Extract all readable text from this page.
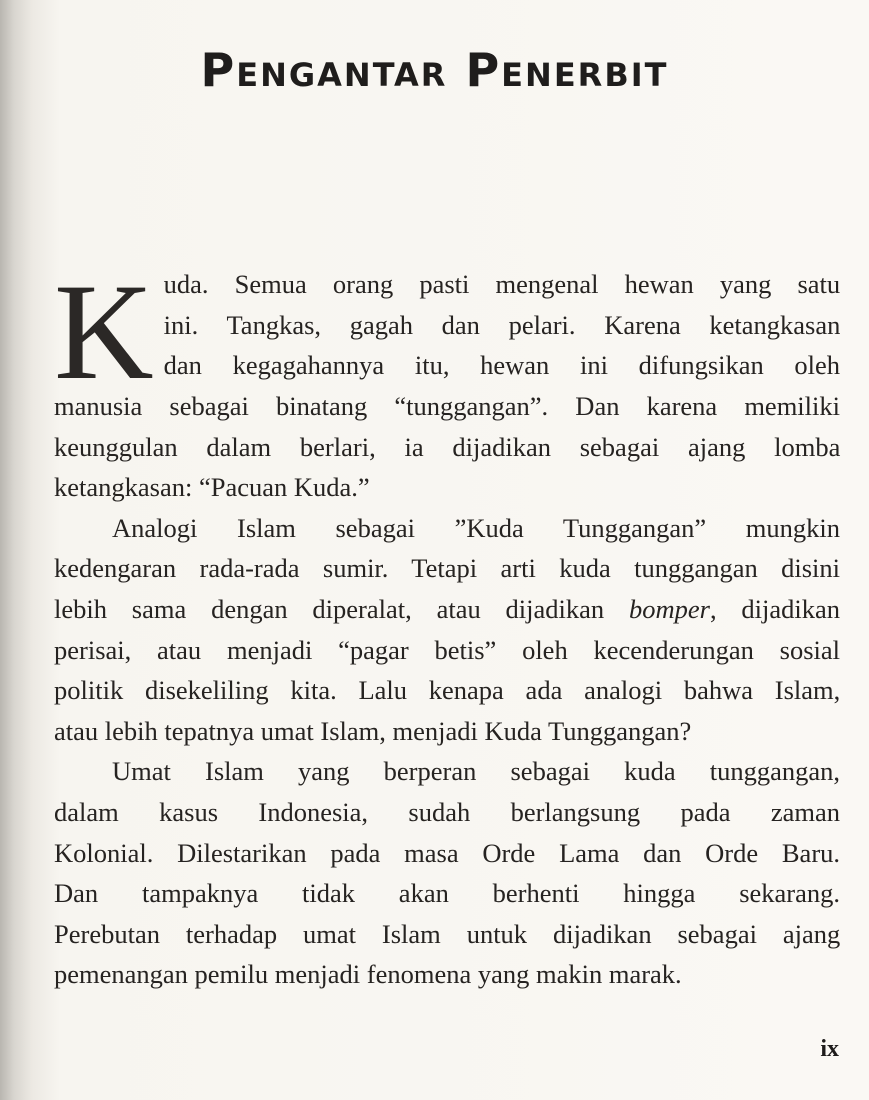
Pengantar Penerbit
K uda. Semua orang pasti mengenal hewan yang satu
ini. Tangkas, gagah dan pelari. Karena ketangkasan
dan kegagahannya itu, hewan ini difungsikan oleh
manusia sebagai binatang “tunggangan”. Dan karena memiliki
keunggulan dalam berlari, ia dijadikan sebagai ajang lomba
ketangkasan: “Pacuan Kuda.”
Analogi Islam sebagai ”Kuda Tunggangan” mungkin
kedengaran rada-rada sumir. Tetapi arti kuda tunggangan disini
lebih sama dengan diperalat, atau dijadikan bomper, dijadikan
perisai, atau menjadi “pagar betis” oleh kecenderungan sosial
politik disekeliling kita. Lalu kenapa ada analogi bahwa Islam,
atau lebih tepatnya umat Islam, menjadi Kuda Tunggangan?
Umat Islam yang berperan sebagai kuda tunggangan,
dalam kasus Indonesia, sudah berlangsung pada zaman
Kolonial. Dilestarikan pada masa Orde Lama dan Orde Baru.
Dan tampaknya tidak akan berhenti hingga sekarang.
Perebutan terhadap umat Islam untuk dijadikan sebagai ajang
pemenangan pemilu menjadi fenomena yang makin marak.
ix
